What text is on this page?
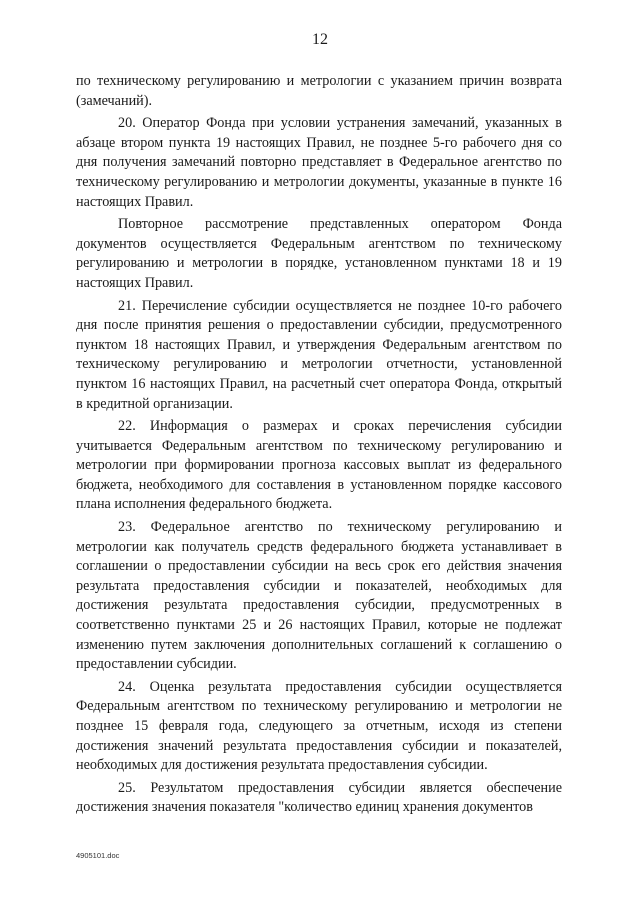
12

по техническому регулированию и метрологии с указанием причин возврата (замечаний).

20. Оператор Фонда при условии устранения замечаний, указанных в абзаце втором пункта 19 настоящих Правил, не позднее 5-го рабочего дня со дня получения замечаний повторно представляет в Федеральное агентство по техническому регулированию и метрологии документы, указанные в пункте 16 настоящих Правил.

Повторное рассмотрение представленных оператором Фонда документов осуществляется Федеральным агентством по техническому регулированию и метрологии в порядке, установленном пунктами 18 и 19 настоящих Правил.

21. Перечисление субсидии осуществляется не позднее 10-го рабочего дня после принятия решения о предоставлении субсидии, предусмотренного пунктом 18 настоящих Правил, и утверждения Федеральным агентством по техническому регулированию и метрологии отчетности, установленной пунктом 16 настоящих Правил, на расчетный счет оператора Фонда, открытый в кредитной организации.

22. Информация о размерах и сроках перечисления субсидии учитывается Федеральным агентством по техническому регулированию и метрологии при формировании прогноза кассовых выплат из федерального бюджета, необходимого для составления в установленном порядке кассового плана исполнения федерального бюджета.

23. Федеральное агентство по техническому регулированию и метрологии как получатель средств федерального бюджета устанавливает в соглашении о предоставлении субсидии на весь срок его действия значения результата предоставления субсидии и показателей, необходимых для достижения результата предоставления субсидии, предусмотренных в соответственно пунктами 25 и 26 настоящих Правил, которые не подлежат изменению путем заключения дополнительных соглашений к соглашению о предоставлении субсидии.

24. Оценка результата предоставления субсидии осуществляется Федеральным агентством по техническому регулированию и метрологии не позднее 15 февраля года, следующего за отчетным, исходя из степени достижения значений результата предоставления субсидии и показателей, необходимых для достижения результата предоставления субсидии.

25. Результатом предоставления субсидии является обеспечение достижения значения показателя "количество единиц хранения документов

4905101.doc
